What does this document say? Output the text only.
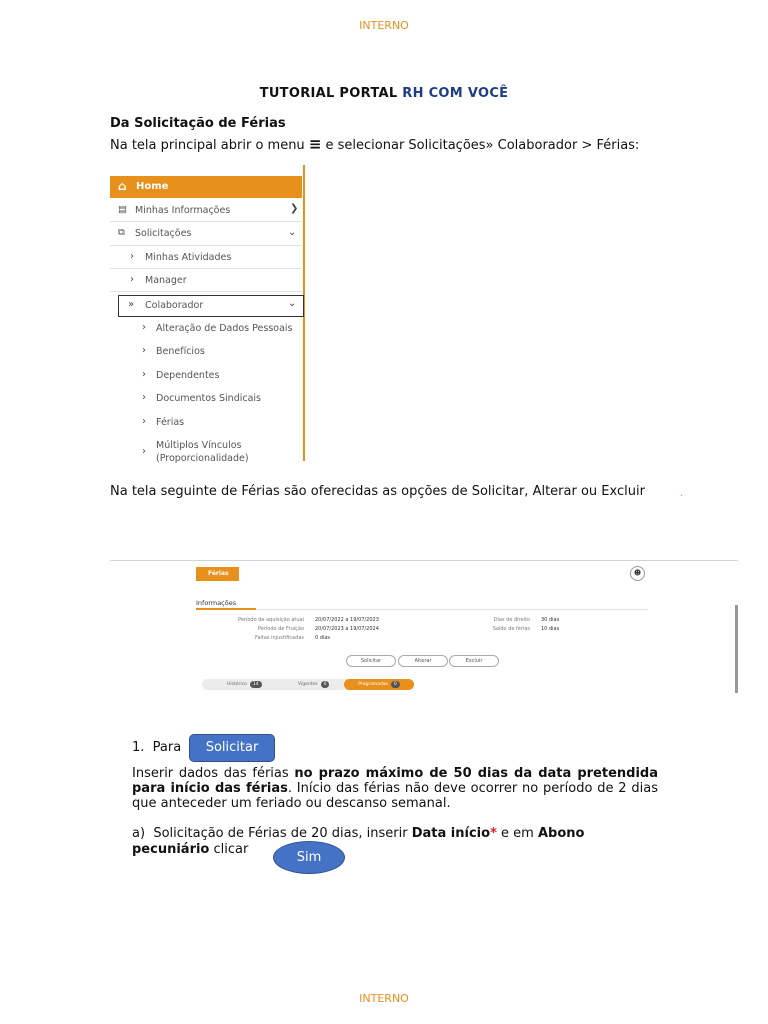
INTERNO
TUTORIAL PORTAL RH COM VOCÊ
Da Solicitação de Férias
Na tela principal abrir o menu ≡ e selecionar Solicitações» Colaborador > Férias:
⌂ Home
▤ Minhas Informações	❯
⧉ Solicitações	⌄
› Minhas Atividades
› Manager
» Colaborador	⌄
› Alteração de Dados Pessoais
› Benefícios
› Dependentes
› Documentos Sindicais
› Férias
›
Múltiplos Vínculos
(Proporcionalidade)
Na tela seguinte de Férias são oferecidas as opções de Solicitar, Alterar ou Excluir	.
Férias	☻
Informações
Período de aquisição atual 20/07/2022 a 19/07/2023
Período de Fruição 20/07/2023 a 19/07/2024
Faltas injustificadas 0 dias
Dias de direito 30 dias
Saldo de férias 10 dias
Solicitar	Alterar	Excluir
Histórico 14	Vigentes 0	Programadas 0
1. Para	Solicitar
Inserir dados das férias no prazo máximo de 50 dias da data pretendida para início das férias. Início das férias não deve ocorrer no período de 2 dias que anteceder um feriado ou descanso semanal.
a) Solicitação de Férias de 20 dias, inserir Data início* e em Abono pecuniário clicar
Sim
INTERNO
